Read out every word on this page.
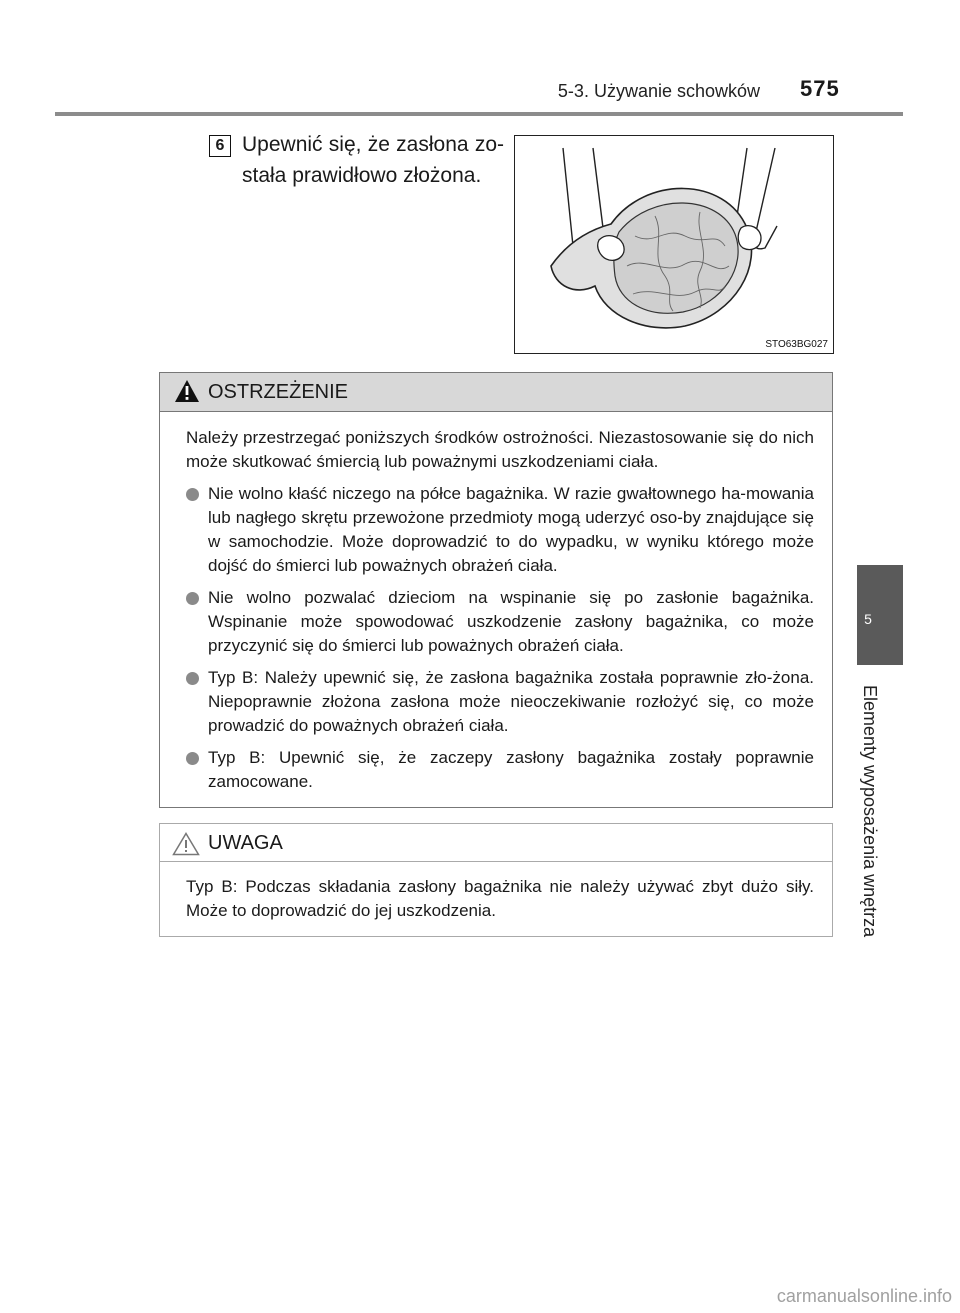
5-3. Używanie schowków 575
5
Elementy wyposażenia wnętrza
6 Upewnić się, że zasłona zo-stała prawidłowo złożona.
STO63BG027
OSTRZEŻENIE

Należy przestrzegać poniższych środków ostrożności. Niezastosowanie się do nich może skutkować śmiercią lub poważnymi uszkodzeniami ciała.

Nie wolno kłaść niczego na półce bagażnika. W razie gwałtownego ha-mowania lub nagłego skrętu przewożone przedmioty mogą uderzyć oso-by znajdujące się w samochodzie. Może doprowadzić to do wypadku, w wyniku którego może dojść do śmierci lub poważnych obrażeń ciała.
Nie wolno pozwalać dzieciom na wspinanie się po zasłonie bagażnika. Wspinanie może spowodować uszkodzenie zasłony bagażnika, co może przyczynić się do śmierci lub poważnych obrażeń ciała.
Typ B: Należy upewnić się, że zasłona bagażnika została poprawnie zło-żona. Niepoprawnie złożona zasłona może nieoczekiwanie rozłożyć się, co może prowadzić do poważnych obrażeń ciała.
Typ B: Upewnić się, że zaczepy zasłony bagażnika zostały poprawnie zamocowane.
UWAGA
Typ B: Podczas składania zasłony bagażnika nie należy używać zbyt dużo siły. Może to doprowadzić do jej uszkodzenia.
carmanualsonline.info
